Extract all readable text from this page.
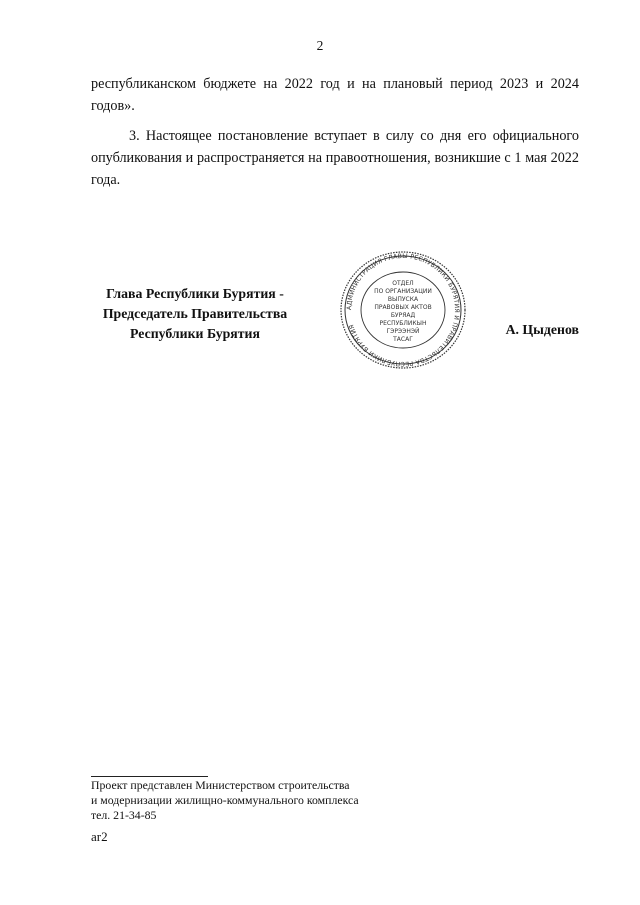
2
республиканском бюджете на 2022 год и на плановый период 2023 и 2024 годов».
3. Настоящее постановление вступает в силу со дня его официального опубликования и распространяется на правоотношения, возникшие с 1 мая 2022 года.
Глава Республики Бурятия -
Председатель Правительства
Республики Бурятия
АДМИНИСТРАЦИЯ ГЛАВЫ РЕСПУБЛИКИ БУРЯТИЯ И ПРАВИТЕЛЬСТВА РЕСПУБЛИКИ БУРЯТИЯ
ОТДЕЛ
ПО ОРГАНИЗАЦИИ
ВЫПУСКА
ПРАВОВЫХ АКТОВ
БУРЯАД
РЕСПУБЛИКЫН
ГЭРЭЭНЭЙ
ТАСАГ
А. Цыденов
Проект представлен Министерством строительства
и модернизации жилищно-коммунального комплекса
тел. 21-34-85
ar2
